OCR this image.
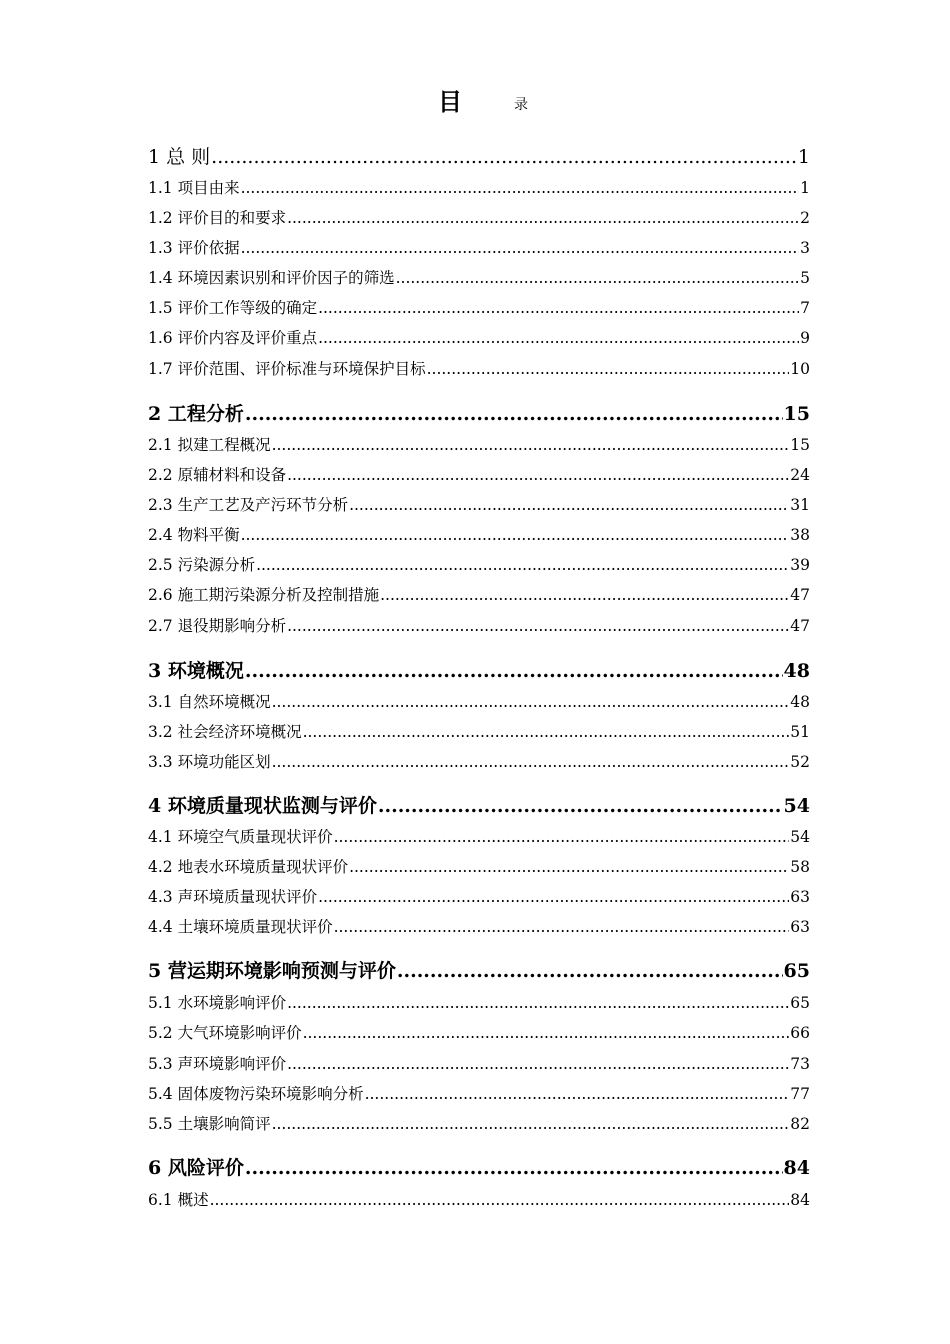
目	录
1 总 则 .....	1
1.1 项目由来 .....	1
1.2 评价目的和要求 .....	2
1.3 评价依据 .....	3
1.4 环境因素识别和评价因子的筛选 .....	5
1.5 评价工作等级的确定 .....	7
1.6 评价内容及评价重点 .....	9
1.7 评价范围、评价标准与环境保护目标 .....	10
2 工程分析 .....	15
2.1 拟建工程概况 .....	15
2.2 原辅材料和设备 .....	24
2.3 生产工艺及产污环节分析 .....	31
2.4 物料平衡 .....	38
2.5 污染源分析 .....	39
2.6 施工期污染源分析及控制措施 .....	47
2.7 退役期影响分析 .....	47
3 环境概况 .....	48
3.1 自然环境概况 .....	48
3.2 社会经济环境概况 .....	51
3.3 环境功能区划 .....	52
4 环境质量现状监测与评价 .....	54
4.1 环境空气质量现状评价 .....	54
4.2 地表水环境质量现状评价 .....	58
4.3 声环境质量现状评价 .....	63
4.4 土壤环境质量现状评价 .....	63
5 营运期环境影响预测与评价 .....	65
5.1 水环境影响评价 .....	65
5.2 大气环境影响评价 .....	66
5.3 声环境影响评价 .....	73
5.4 固体废物污染环境影响分析 .....	77
5.5 土壤影响简评 .....	82
6 风险评价 .....	84
6.1 概述 .....	84
